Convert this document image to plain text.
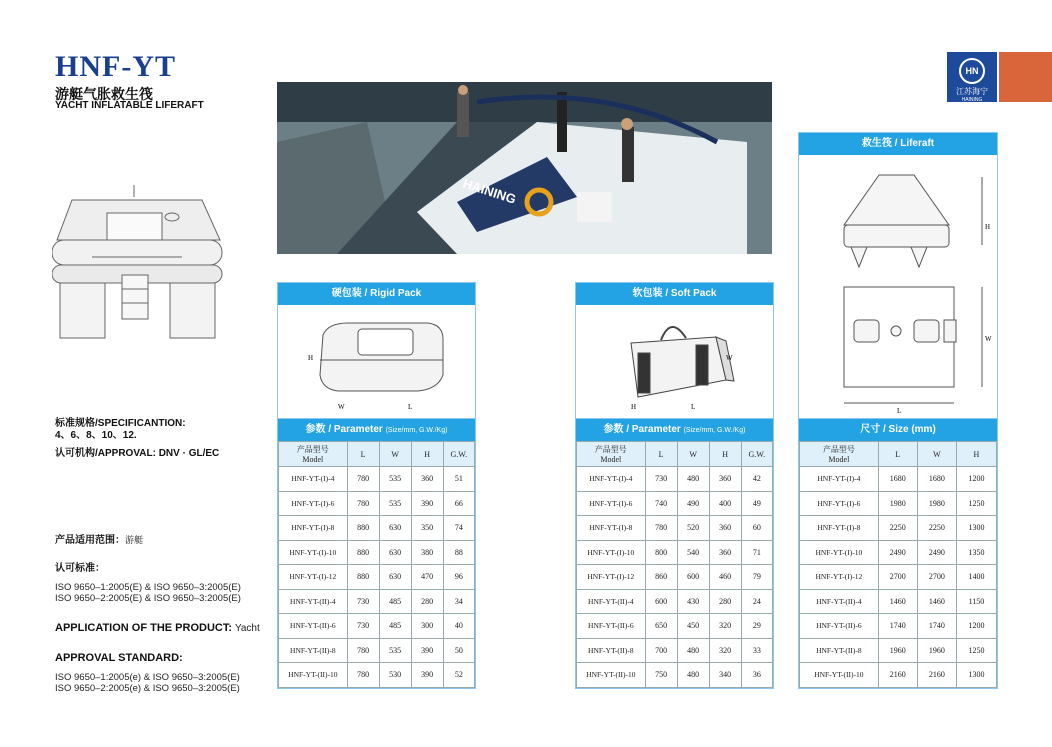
HNF-YT
游艇气胀救生筏
YACHT INFLATABLE LIFERAFT
HN
江苏海宁
HAINING
HAINING
标准规格/SPECIFICANTION:
4、6、8、10、12.
认可机构/APPROVAL: DNV · GL/EC
产品适用范围：游艇
认可标准：
ISO 9650–1:2005(E) & ISO 9650–3:2005(E)
ISO 9650–2:2005(E) & ISO 9650–3:2005(E)
APPLICATION OF THE PRODUCT: Yacht
APPROVAL STANDARD:
ISO 9650–1:2005(e) & ISO 9650–3:2005(E)
ISO 9650–2:2005(e) & ISO 9650–3:2005(E)
硬包装 / Rigid Pack
H
W	L
参数 / Parameter (Size/mm, G.W./Kg)
产品型号
Model	L	W	H	G.W.
HNF-YT-(I)-4	780	535	360	51
HNF-YT-(I)-6	780	535	390	66
HNF-YT-(I)-8	880	630	350	74
HNF-YT-(I)-10	880	630	380	88
HNF-YT-(I)-12	880	630	470	96
HNF-YT-(II)-4	730	485	280	34
HNF-YT-(II)-6	730	485	300	40
HNF-YT-(II)-8	780	535	390	50
HNF-YT-(II)-10	780	530	390	52
软包装 / Soft Pack
W
H	L
参数 / Parameter (Size/mm, G.W./Kg)
产品型号
Model	L	W	H	G.W.
HNF-YT-(I)-4	730	480	360	42
HNF-YT-(I)-6	740	490	400	49
HNF-YT-(I)-8	780	520	360	60
HNF-YT-(I)-10	800	540	360	71
HNF-YT-(I)-12	860	600	460	79
HNF-YT-(II)-4	600	430	280	24
HNF-YT-(II)-6	650	450	320	29
HNF-YT-(II)-8	700	480	320	33
HNF-YT-(II)-10	750	480	340	36
救生筏 / Liferaft
H
W
L
尺寸 / Size (mm)
产品型号
Model	L	W	H
HNF-YT-(I)-4	1680	1680	1200
HNF-YT-(I)-6	1980	1980	1250
HNF-YT-(I)-8	2250	2250	1300
HNF-YT-(I)-10	2490	2490	1350
HNF-YT-(I)-12	2700	2700	1400
HNF-YT-(II)-4	1460	1460	1150
HNF-YT-(II)-6	1740	1740	1200
HNF-YT-(II)-8	1960	1960	1250
HNF-YT-(II)-10	2160	2160	1300
